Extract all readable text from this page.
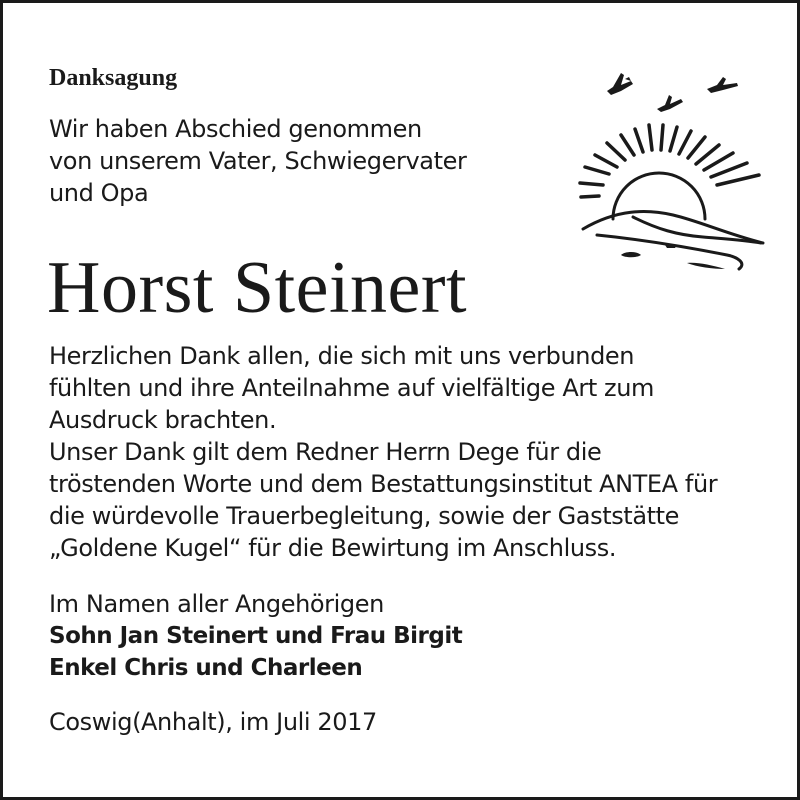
Danksagung
Wir haben Abschied genommen
von unserem Vater, Schwiegervater
und Opa
Horst Steinert
Herzlichen Dank allen, die sich mit uns verbunden
fühlten und ihre Anteilnahme auf vielfältige Art zum
Ausdruck brachten.
Unser Dank gilt dem Redner Herrn Dege für die
tröstenden Worte und dem Bestattungsinstitut ANTEA für
die würdevolle Trauerbegleitung, sowie der Gaststätte
„Goldene Kugel“ für die Bewirtung im Anschluss.
Im Namen aller Angehörigen
Sohn Jan Steinert und Frau Birgit
Enkel Chris und Charleen
Coswig(Anhalt), im Juli 2017
